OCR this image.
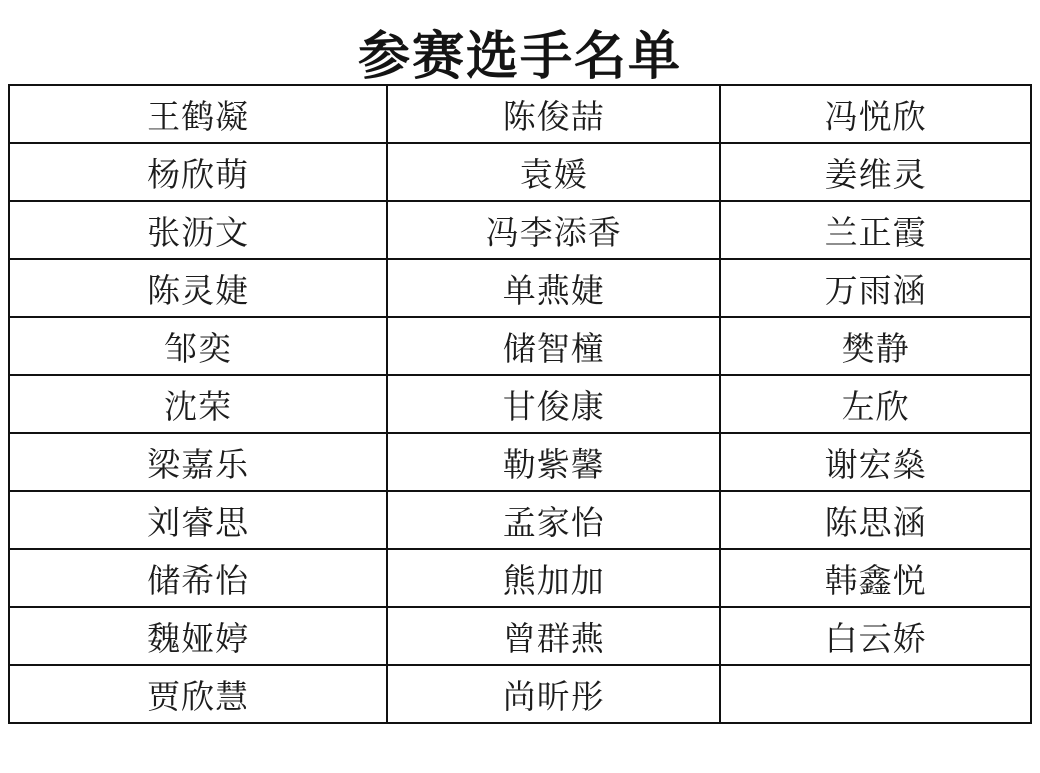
参赛选手名单
王鹤凝	陈俊喆	冯悦欣
杨欣萌	袁媛	姜维灵
张沥文	冯李添香	兰正霞
陈灵婕	单燕婕	万雨涵
邹奕	储智橦	樊静
沈荣	甘俊康	左欣
梁嘉乐	勒紫馨	谢宏燊
刘睿思	孟家怡	陈思涵
储希怡	熊加加	韩鑫悦
魏娅婷	曾群燕	白云娇
贾欣慧	尚昕彤	
